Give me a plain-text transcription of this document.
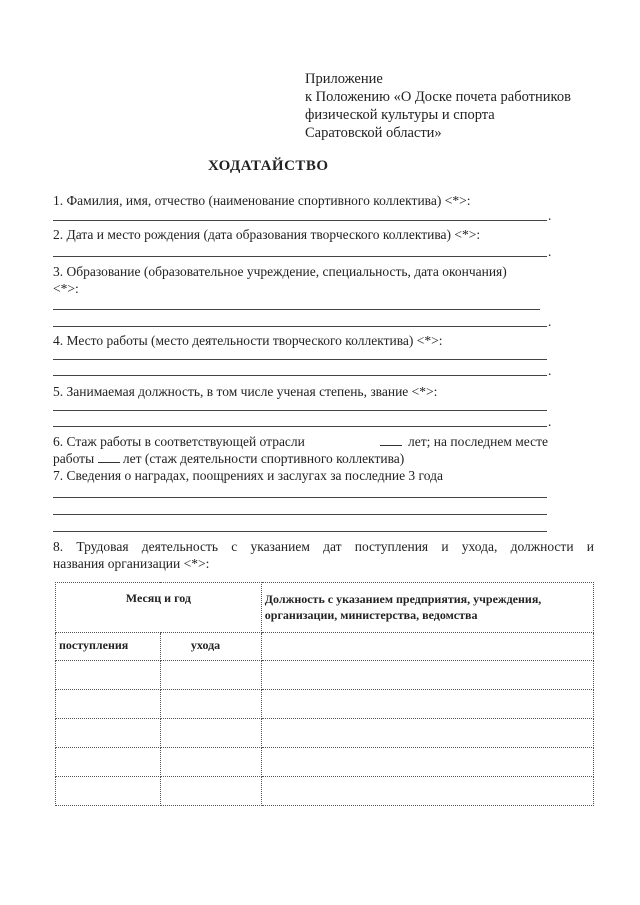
Приложение
к Положению «О Доске почета работников
физической культуры и спорта
Саратовской области»
ХОДАТАЙСТВО
1. Фамилия, имя, отчество (наименование спортивного коллектива) <*>:
.
2. Дата и место рождения (дата образования творческого коллектива) <*>:
.
3. Образование (образовательное учреждение, специальность, дата окончания)
<*>:
.
4. Место работы (место деятельности творческого коллектива) <*>:
.
5. Занимаемая должность, в том числе ученая степень, звание <*>:
.
6. Стаж работы в соответствующей отрасли	лет; на последнем месте
работы лет (стаж деятельности спортивного коллектива)
7. Сведения о наградах, поощрениях и заслугах за последние 3 года
8. Трудовая деятельность с указанием дат поступления и ухода, должности и
названия организации <*>:
Месяц и год		Должность с указанием предприятия, учреждения,
организации, министерства, ведомства

поступления	ухода	
